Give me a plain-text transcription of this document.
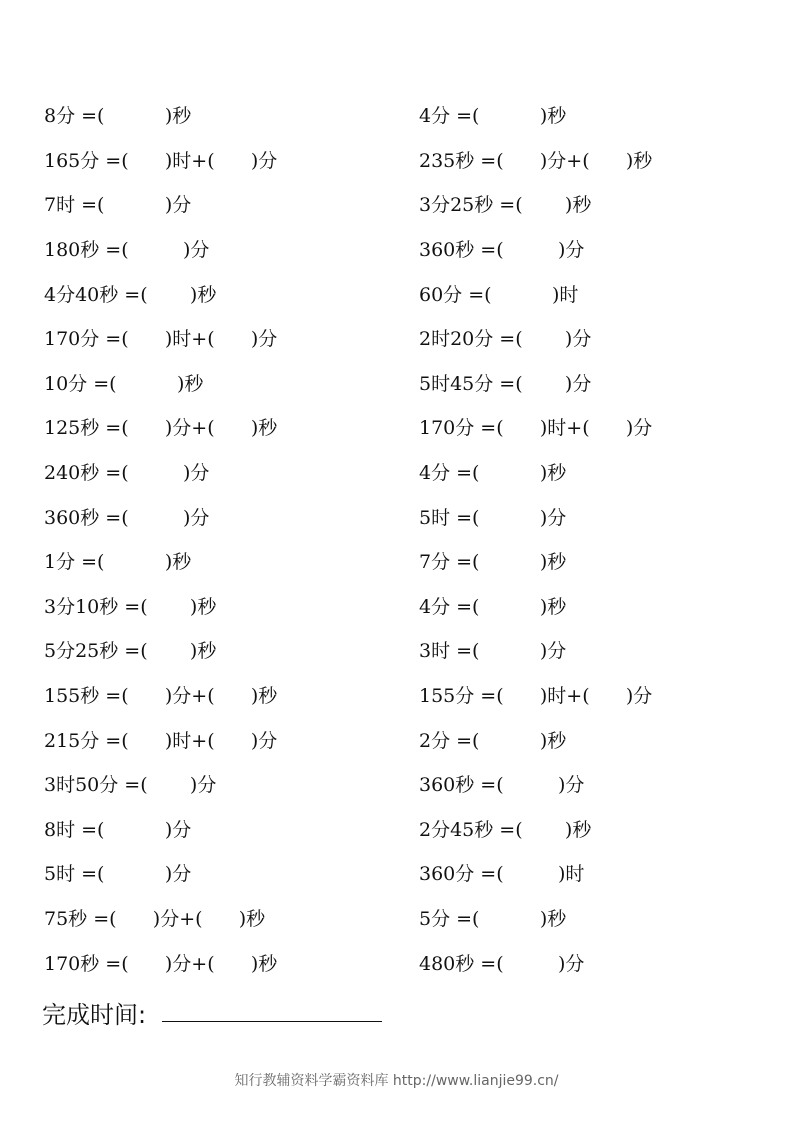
8分 =(          )秒
165分 =(      )时+(      )分
7时 =(          )分
180秒 =(         )分
4分40秒 =(       )秒
170分 =(      )时+(      )分
10分 =(          )秒
125秒 =(      )分+(      )秒
240秒 =(         )分
360秒 =(         )分
1分 =(          )秒
3分10秒 =(       )秒
5分25秒 =(       )秒
155秒 =(      )分+(      )秒
215分 =(      )时+(      )分
3时50分 =(       )分
8时 =(          )分
5时 =(          )分
75秒 =(      )分+(      )秒
170秒 =(      )分+(      )秒
4分 =(          )秒
235秒 =(      )分+(      )秒
3分25秒 =(       )秒
360秒 =(         )分
60分 =(          )时
2时20分 =(       )分
5时45分 =(       )分
170分 =(      )时+(      )分
4分 =(          )秒
5时 =(          )分
7分 =(          )秒
4分 =(          )秒
3时 =(          )分
155分 =(      )时+(      )分
2分 =(          )秒
360秒 =(         )分
2分45秒 =(       )秒
360分 =(         )时
5分 =(          )秒
480秒 =(         )分
完成时间:
知行教辅资料学霸资料库 http://www.lianjie99.cn/
